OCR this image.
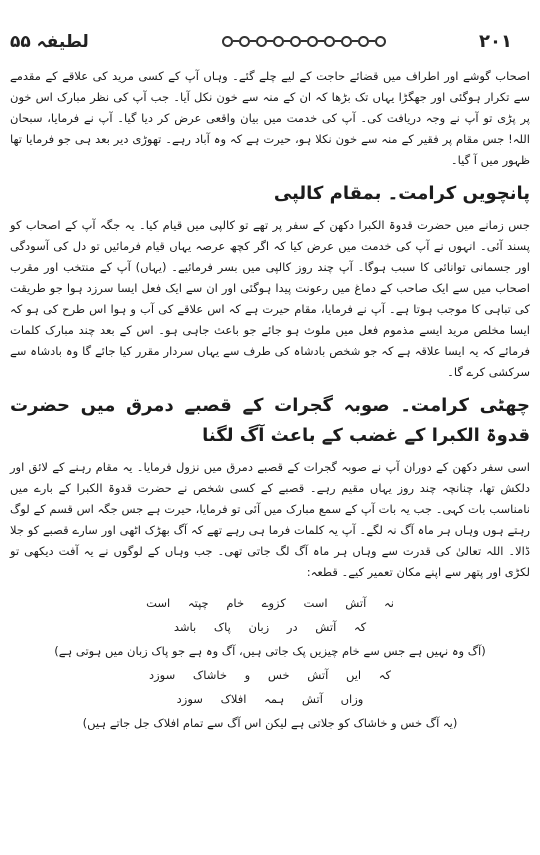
لطیفہ ۵۵	۲۰۱

اصحاب گوشے اور اطراف میں قضائے حاجت کے لیے چلے گئے۔ وہاں آپ کے کسی مرید کی علاقے کے مقدمے سے تکرار ہوگئی اور جھگڑا یہاں تک بڑھا کہ ان کے منہ سے خون نکل آیا۔ جب آپ کی نظر مبارک اس خون پر پڑی تو آپ نے وجہ دریافت کی۔ آپ کی خدمت میں بیان واقعی عرض کر دیا گیا۔ آپ نے فرمایا، سبحان اللہ! جس مقام پر فقیر کے منہ سے خون نکلا ہو، حیرت ہے کہ وہ آباد رہے۔ تھوڑی دیر بعد ہی جو فرمایا تھا ظہور میں آ گیا۔

پانچویں کرامت۔ بمقام کالپی

جس زمانے میں حضرت قدوۃ الکبرا دکھن کے سفر پر تھے تو کالپی میں قیام کیا۔ یہ جگہ آپ کے اصحاب کو پسند آئی۔ انہوں نے آپ کی خدمت میں عرض کیا کہ اگر کچھ عرصہ یہاں قیام فرمائیں تو دل کی آسودگی اور جسمانی توانائی کا سبب ہوگا۔ آپ چند روز کالپی میں بسر فرمائیے۔ (یہاں) آپ کے منتخب اور مقرب اصحاب میں سے ایک صاحب کے دماغ میں رعونت پیدا ہوگئی اور ان سے ایک فعل ایسا سرزد ہوا جو طریقت کی تباہی کا موجب ہوتا ہے۔ آپ نے فرمایا، مقام حیرت ہے کہ اس علاقے کی آب و ہوا اس طرح کی ہو کہ ایسا مخلص مرید ایسے مذموم فعل میں ملوث ہو جائے جو باعث جاہی ہو۔ اس کے بعد چند مبارک کلمات فرمائے کہ یہ ایسا علاقہ ہے کہ جو شخص بادشاہ کی طرف سے یہاں سردار مقرر کیا جائے گا وہ بادشاہ سے سرکشی کرے گا۔

چھٹی کرامت۔ صوبہ گجرات کے قصبے دمرق میں حضرت قدوۃ الکبرا کے غضب کے باعث آگ لگنا

اسی سفر دکھن کے دوران آپ نے صوبہ گجرات کے قصبے دمرق میں نزول فرمایا۔ یہ مقام رہنے کے لائق اور دلکش تھا، چنانچہ چند روز یہاں مقیم رہے۔ قصبے کے کسی شخص نے حضرت قدوۃ الکبرا کے بارے میں نامناسب بات کہی۔ جب یہ بات آپ کے سمع مبارک میں آئی تو فرمایا، حیرت ہے جس جگہ اس قسم کے لوگ رہتے ہوں وہاں ہر ماہ آگ نہ لگے۔ آپ یہ کلمات فرما ہی رہے تھے کہ آگ بھڑک اٹھی اور سارے قصبے کو جلا ڈالا۔ اللہ تعالیٰ کی قدرت سے وہاں ہر ماہ آگ لگ جاتی تھی۔ جب وہاں کے لوگوں نے یہ آفت دیکھی تو لکڑی اور پتھر سے اپنے مکان تعمیر کیے۔ قطعہ:

نہ آتش است کزوے خام چپتہ است
کہ آتش در زبان پاک باشد
(آگ وہ نہیں ہے جس سے خام چیزیں پک جاتی ہیں، آگ وہ ہے جو پاک زبان میں ہوتی ہے)
کہ ایں آتش خس و خاشاک سوزد
وزاں آتش ہمہ افلاک سوزد
(یہ آگ خس و خاشاک کو جلاتی ہے لیکن اس آگ سے تمام افلاک جل جاتے ہیں)
